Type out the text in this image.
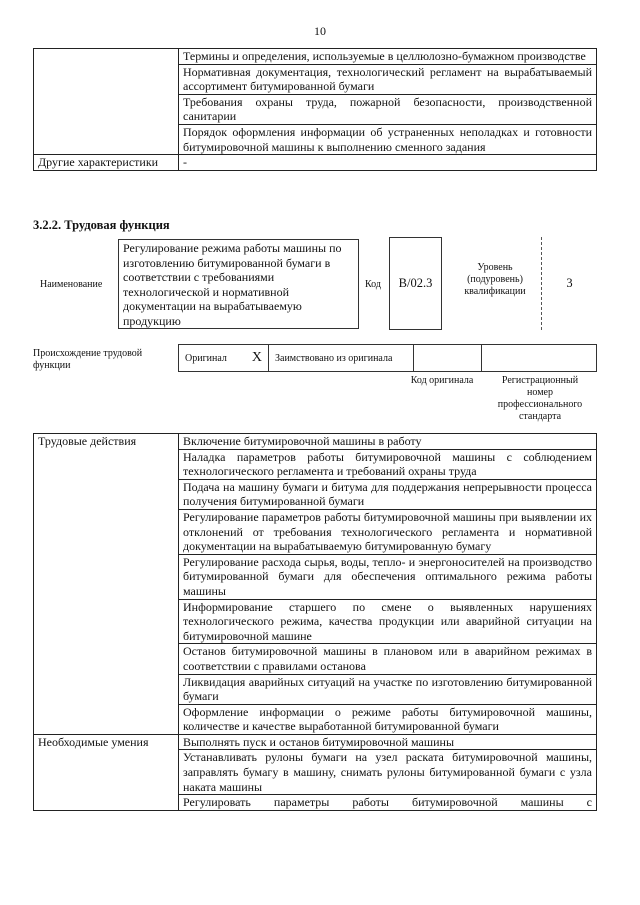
10
	Термины и определения, используемые в целлюлозно-бумажном производстве
	Нормативная документация, технологический регламент на вырабатываемый ассортимент битумированной бумаги
	Требования охраны труда, пожарной безопасности, производственной санитарии
	Порядок оформления информации об устраненных неполадках и готовности битумировочной машины к выполнению сменного задания
Другие характеристики	-
3.2.2. Трудовая функция
Наименование
Регулирование режима работы машины по изготовлению битумированной бумаги в соответствии с требованиями технологической и нормативной документации на вырабатываемую продукцию
Код	B/02.3
Уровень (подуровень) квалификации
3
Происхождение трудовой функции
Оригинал X	Заимствовано из оригинала
Код оригинала	Регистрационный номер профессионального стандарта
Трудовые действия	Включение битумировочной машины в работу
	Наладка параметров работы битумировочной машины с соблюдением технологического регламента и требований охраны труда
	Подача на машину бумаги и битума для поддержания непрерывности процесса получения битумированной бумаги
	Регулирование параметров работы битумировочной машины при выявлении их отклонений от требования технологического регламента и нормативной документации на вырабатываемую битумированную бумагу
	Регулирование расхода сырья, воды, тепло- и энергоносителей на производство битумированной бумаги для обеспечения оптимального режима работы машины
	Информирование старшего по смене о выявленных нарушениях технологического режима, качества продукции или аварийной ситуации на битумировочной машине
	Останов битумировочной машины в плановом или в аварийном режимах в соответствии с правилами останова
	Ликвидация аварийных ситуаций на участке по изготовлению битумированной бумаги
	Оформление информации о режиме работы битумировочной машины, количестве и качестве выработанной битумированной бумаги
Необходимые умения	Выполнять пуск и останов битумировочной машины
	Устанавливать рулоны бумаги на узел раската битумировочной машины, заправлять бумагу в машину, снимать рулоны битумированной бумаги с узла наката машины
	Регулировать параметры работы битумировочной машины с
